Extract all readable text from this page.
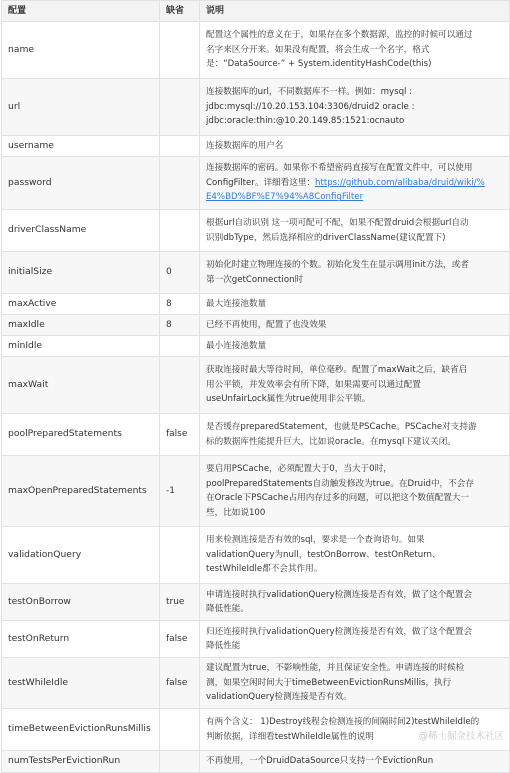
配置	缺省	说明
name		配置这个属性的意义在于，如果存在多个数据源，监控的时候可以通过
名字来区分开来。如果没有配置，将会生成一个名字，格式
是：“DataSource-” + System.identityHashCode(this)

url		连接数据库的url，不同数据库不一样。例如：mysql :
jdbc:mysql://10.20.153.104:3306/druid2 oracle :
jdbc:oracle:thin:@10.20.149.85:1521:ocnauto

username		连接数据库的用户名

password		连接数据库的密码。如果你不希望密码直接写在配置文件中，可以使用
ConfigFilter。详细看这里：https://github.com/alibaba/druid/wiki/%
E4%BD%BF%E7%94%A8ConfigFilter

driverClassName		根据url自动识别 这一项可配可不配，如果不配置druid会根据url自动
识别dbType，然后选择相应的driverClassName(建议配置下)

initialSize	0	初始化时建立物理连接的个数。初始化发生在显示调用init方法，或者
第一次getConnection时

maxActive	8	最大连接池数量

maxIdle	8	已经不再使用，配置了也没效果

minIdle		最小连接池数量

maxWait		获取连接时最大等待时间，单位毫秒。配置了maxWait之后，缺省启
用公平锁，并发效率会有所下降，如果需要可以通过配置
useUnfairLock属性为true使用非公平锁。

poolPreparedStatements	false	是否缓存preparedStatement，也就是PSCache。PSCache对支持游
标的数据库性能提升巨大，比如说oracle。在mysql下建议关闭。

maxOpenPreparedStatements	-1	要启用PSCache，必须配置大于0，当大于0时，
poolPreparedStatements自动触发修改为true。在Druid中，不会存
在Oracle下PSCache占用内存过多的问题，可以把这个数值配置大一
些，比如说100

validationQuery		用来检测连接是否有效的sql，要求是一个查询语句。如果
validationQuery为null，testOnBorrow、testOnReturn、
testWhileIdle都不会其作用。

testOnBorrow	true	申请连接时执行validationQuery检测连接是否有效，做了这个配置会
降低性能。

testOnReturn	false	归还连接时执行validationQuery检测连接是否有效，做了这个配置会
降低性能

testWhileIdle	false	建议配置为true，不影响性能，并且保证安全性。申请连接的时候检
测，如果空闲时间大于timeBetweenEvictionRunsMillis，执行
validationQuery检测连接是否有效。

timeBetweenEvictionRunsMillis		有两个含义： 1)Destroy线程会检测连接的间隔时间2)testWhileIdle的
判断依据，详细看testWhileIdle属性的说明

numTestsPerEvictionRun		不再使用，一个DruidDataSource只支持一个EvictionRun
@稀土掘金技术社区
